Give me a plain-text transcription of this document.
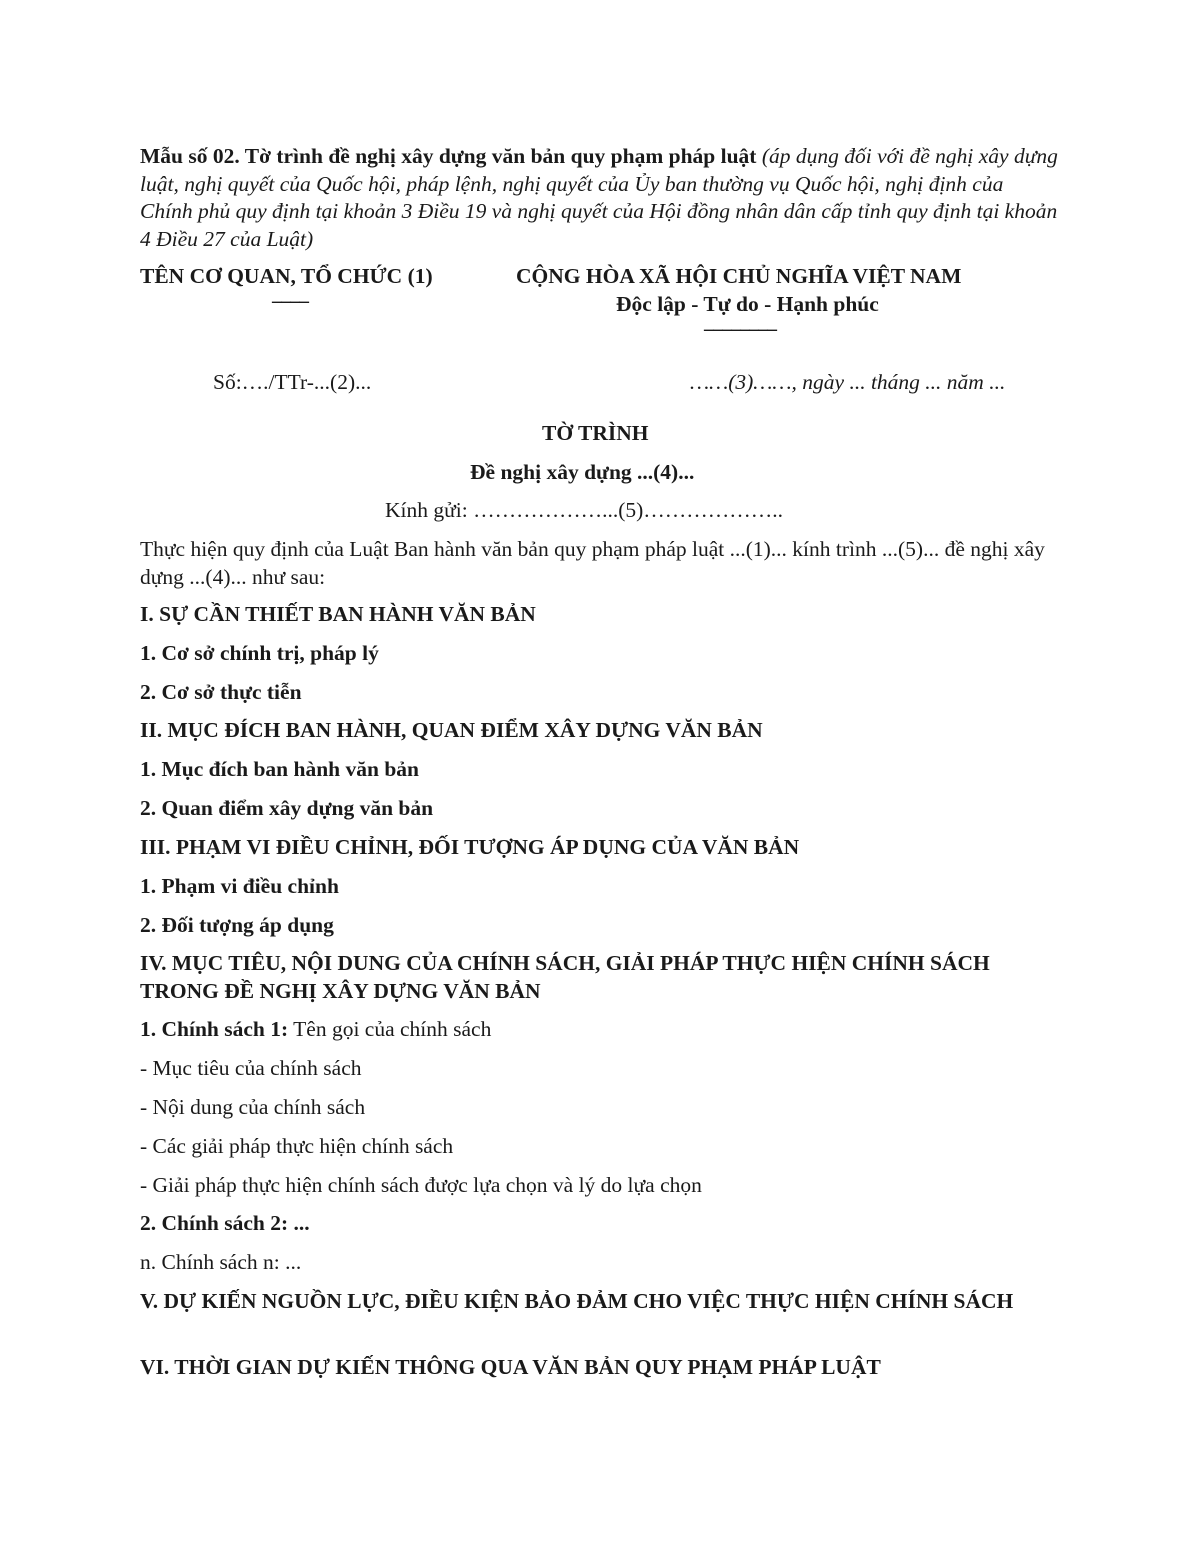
Mẫu số 02. Tờ trình đề nghị xây dựng văn bản quy phạm pháp luật (áp dụng đối với đề nghị xây dựng luật, nghị quyết của Quốc hội, pháp lệnh, nghị quyết của Ủy ban thường vụ Quốc hội, nghị định của Chính phủ quy định tại khoản 3 Điều 19 và nghị quyết của Hội đồng nhân dân cấp tỉnh quy định tại khoản 4 Điều 27 của Luật)
TÊN CƠ QUAN, TỔ CHỨC (1)
––––
CỘNG HÒA XÃ HỘI CHỦ NGHĨA VIỆT NAM
Độc lập - Tự do - Hạnh phúc
––––––––
Số:…./TTr-...(2)...	……(3)……, ngày ... tháng ... năm ...
TỜ TRÌNH
Đề nghị xây dựng ...(4)...
Kính gửi: ………………...(5)………………..
Thực hiện quy định của Luật Ban hành văn bản quy phạm pháp luật ...(1)... kính trình ...(5)... đề nghị xây dựng ...(4)... như sau:
I. SỰ CẦN THIẾT BAN HÀNH VĂN BẢN
1. Cơ sở chính trị, pháp lý
2. Cơ sở thực tiễn
II. MỤC ĐÍCH BAN HÀNH, QUAN ĐIỂM XÂY DỰNG VĂN BẢN
1. Mục đích ban hành văn bản
2. Quan điểm xây dựng văn bản
III. PHẠM VI ĐIỀU CHỈNH, ĐỐI TƯỢNG ÁP DỤNG CỦA VĂN BẢN
1. Phạm vi điều chỉnh
2. Đối tượng áp dụng
IV. MỤC TIÊU, NỘI DUNG CỦA CHÍNH SÁCH, GIẢI PHÁP THỰC HIỆN CHÍNH SÁCH TRONG ĐỀ NGHỊ XÂY DỰNG VĂN BẢN
1. Chính sách 1: Tên gọi của chính sách
- Mục tiêu của chính sách
- Nội dung của chính sách
- Các giải pháp thực hiện chính sách
- Giải pháp thực hiện chính sách được lựa chọn và lý do lựa chọn
2. Chính sách 2: ...
n. Chính sách n: ...
V. DỰ KIẾN NGUỒN LỰC, ĐIỀU KIỆN BẢO ĐẢM CHO VIỆC THỰC HIỆN CHÍNH SÁCH
VI. THỜI GIAN DỰ KIẾN THÔNG QUA VĂN BẢN QUY PHẠM PHÁP LUẬT
